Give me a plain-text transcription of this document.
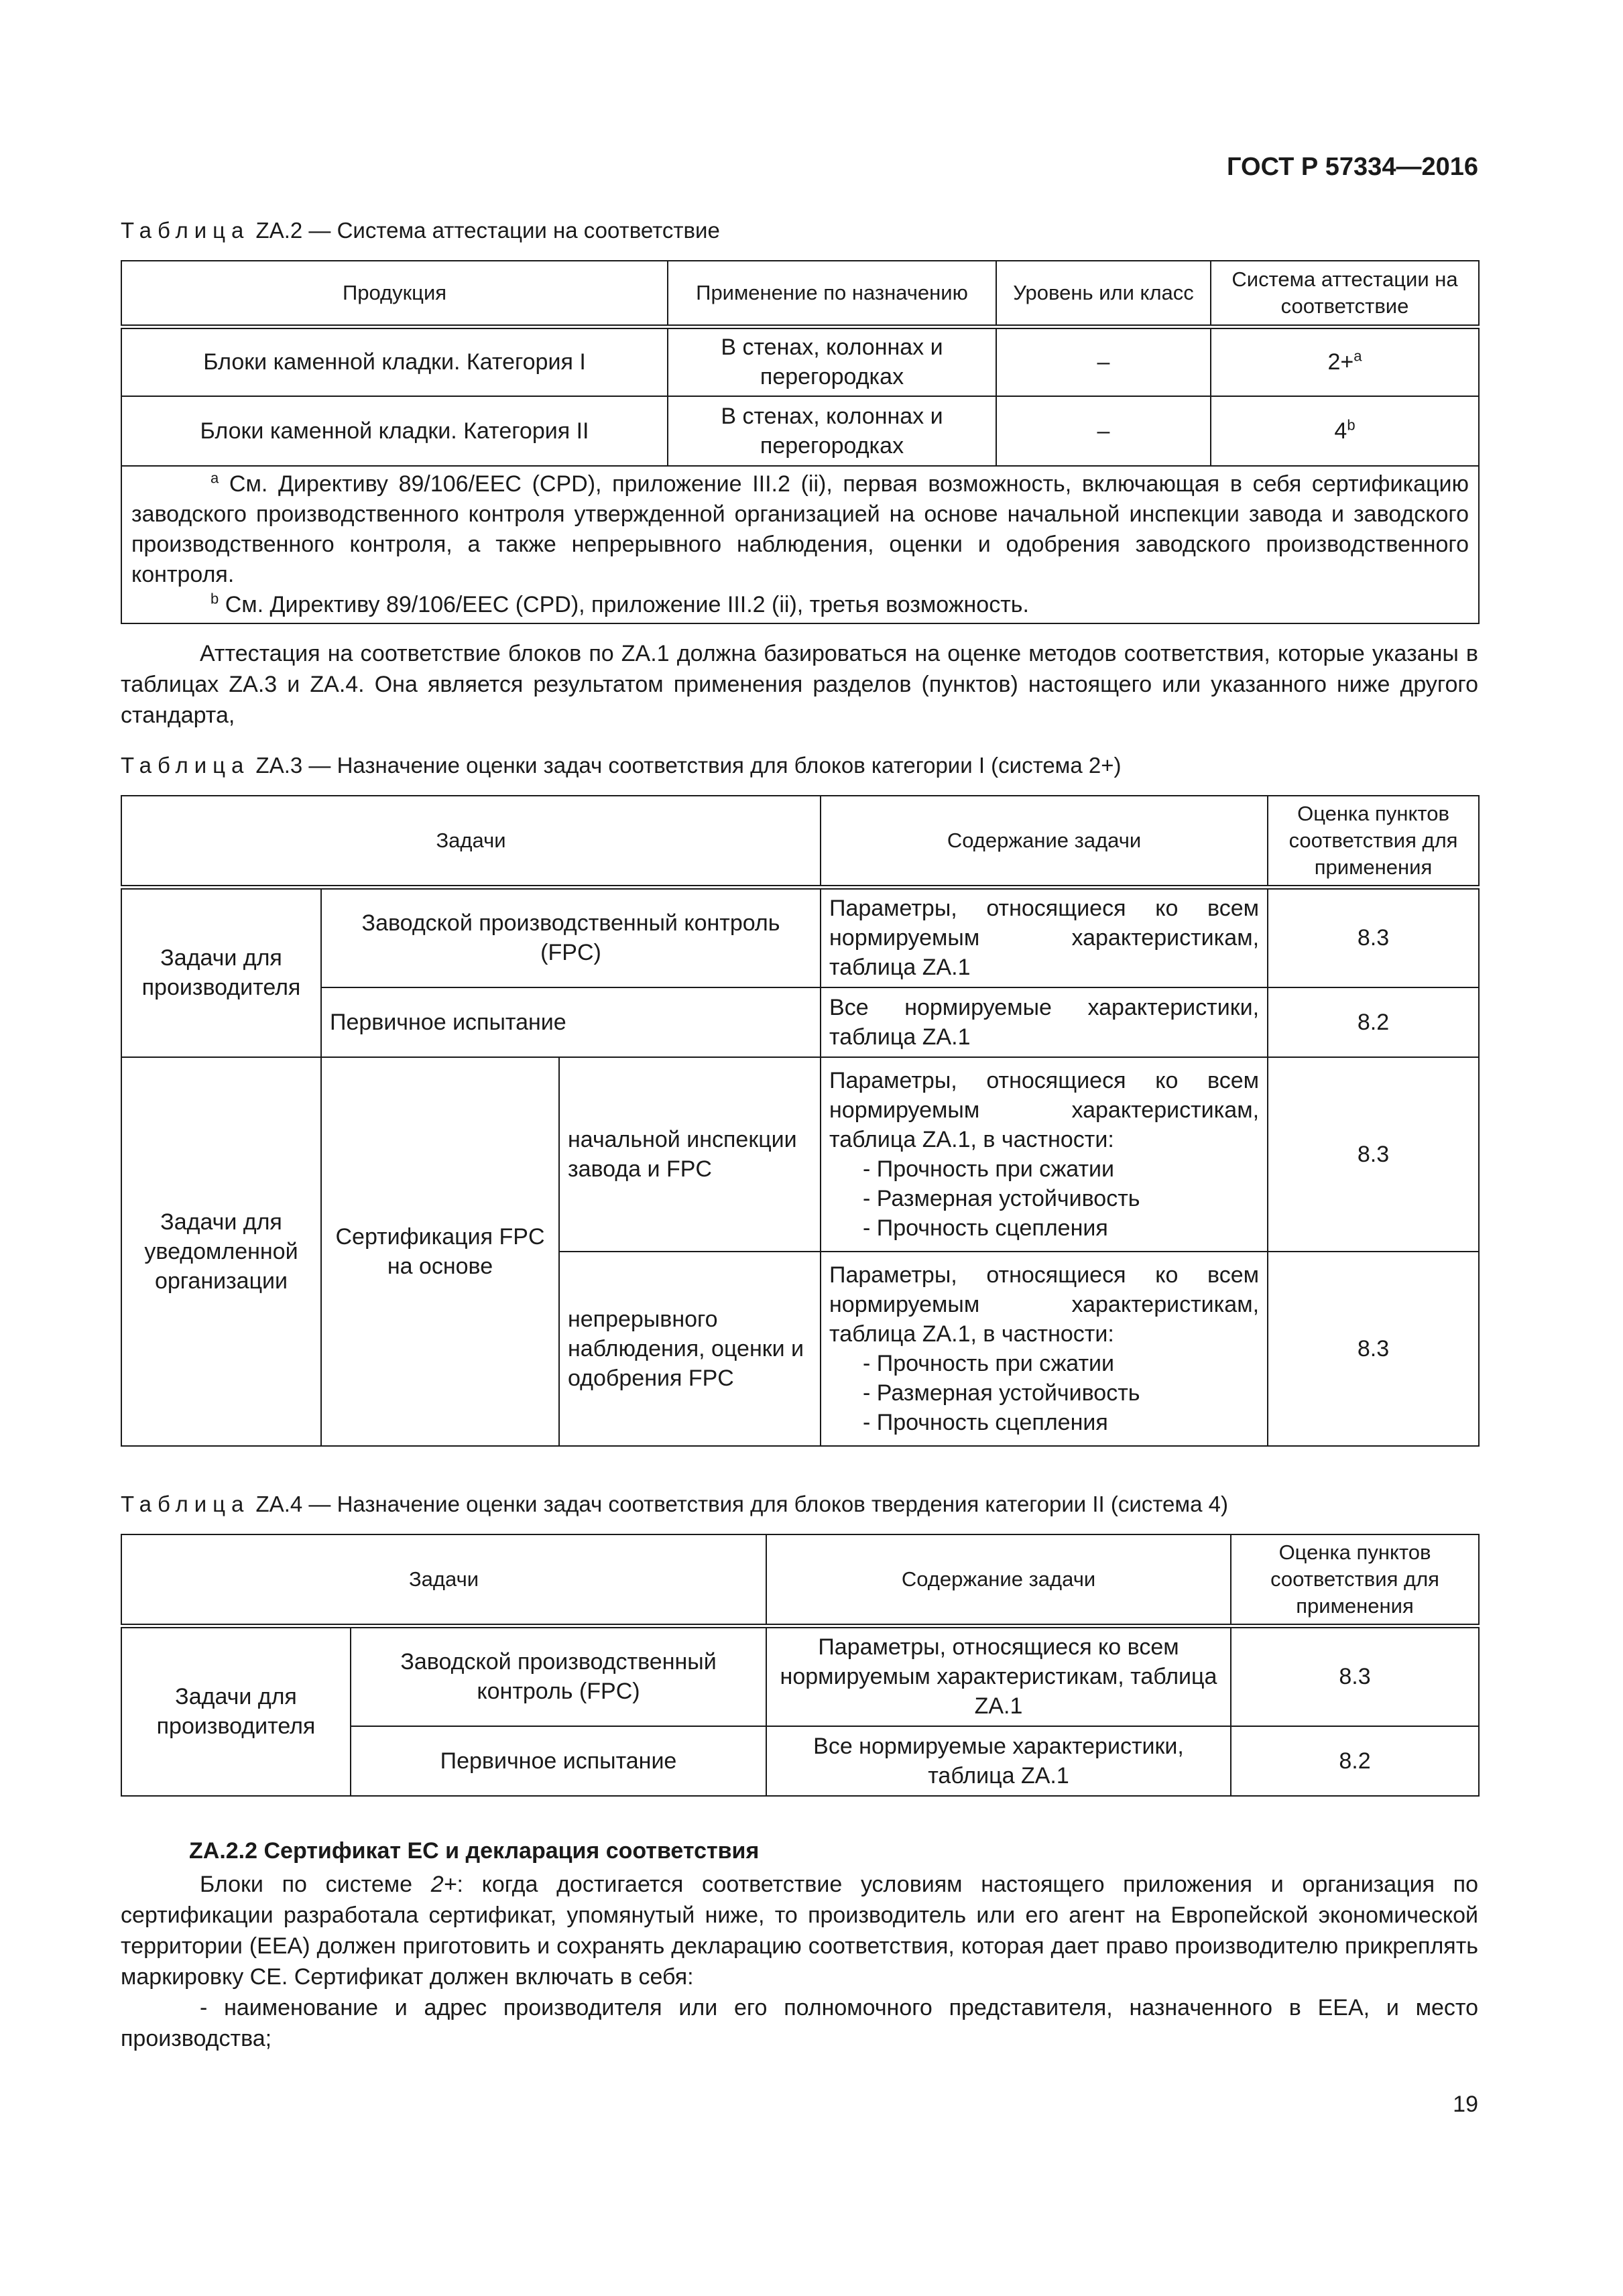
ГОСТ Р 57334—2016

Таблица ZA.2 — Система аттестации на соответствие

Продукция	Применение по назначению	Уровень или класс	Система аттестации на соответствие
Блоки каменной кладки. Категория I	В стенах, колоннах и перегородках	–	2+$^a$
Блоки каменной кладки. Категория II	В стенах, колоннах и перегородках	–	4$^b$

$^a$ См. Директиву 89/106/EEC (CPD), приложение III.2 (ii), первая возможность, включающая в себя сертификацию заводского производственного контроля утвержденной организацией на основе начальной инспекции завода и заводского производственного контроля, а также непрерывного наблюдения, оценки и одобрения заводского производственного контроля.

$^b$ См. Директиву 89/106/EEC (CPD), приложение III.2 (ii), третья возможность.			

Аттестация на соответствие блоков по ZA.1 должна базироваться на оценке методов соответствия, которые указаны в таблицах ZA.3 и ZA.4. Она является результатом применения разделов (пунктов) настоящего или указанного ниже другого стандарта,

Таблица ZA.3 — Назначение оценки задач соответствия для блоков категории I (система 2+)

Задачи			Содержание задачи	Оценка пунктов соответствия для применения
Задачи для производителя	Заводской производственный контроль (FPC)		Параметры, относящиеся ко всем нормируемым характеристикам, таблица ZA.1	8.3
	Первичное испытание		Все нормируемые характеристики, таблица ZA.1	8.2
Задачи для уведомленной организации	Сертификация FPC на основе	начальной инспекции завода и FPC	Параметры, относящиеся ко всем нормируемым характеристикам, таблица ZA.1, в частности:
- Прочность при сжатии
- Размерная устойчивость
- Прочность сцепления	8.3
		непрерывного наблюдения, оценки и одобрения FPC	Параметры, относящиеся ко всем нормируемым характеристикам, таблица ZA.1, в частности:
- Прочность при сжатии
- Размерная устойчивость
- Прочность сцепления	8.3

Таблица ZA.4 — Назначение оценки задач соответствия для блоков твердения категории II (система 4)

Задачи		Содержание задачи	Оценка пунктов соответствия для применения
Задачи для производителя	Заводской производственный контроль (FPC)	Параметры, относящиеся ко всем нормируемым характеристикам, таблица ZA.1	8.3
	Первичное испытание	Все нормируемые характеристики, таблица ZA.1	8.2

ZA.2.2 Сертификат ЕС и декларация соответствия

Блоки по системе 2+: когда достигается соответствие условиям настоящего приложения и организация по сертификации разработала сертификат, упомянутый ниже, то производитель или его агент на Европейской экономической территории (EEA) должен приготовить и сохранять декларацию соответствия, которая дает право производителю прикреплять маркировку CE. Сертификат должен включать в себя:

- наименование и адрес производителя или его полномочного представителя, назначенного в EEA, и место производства;

19
